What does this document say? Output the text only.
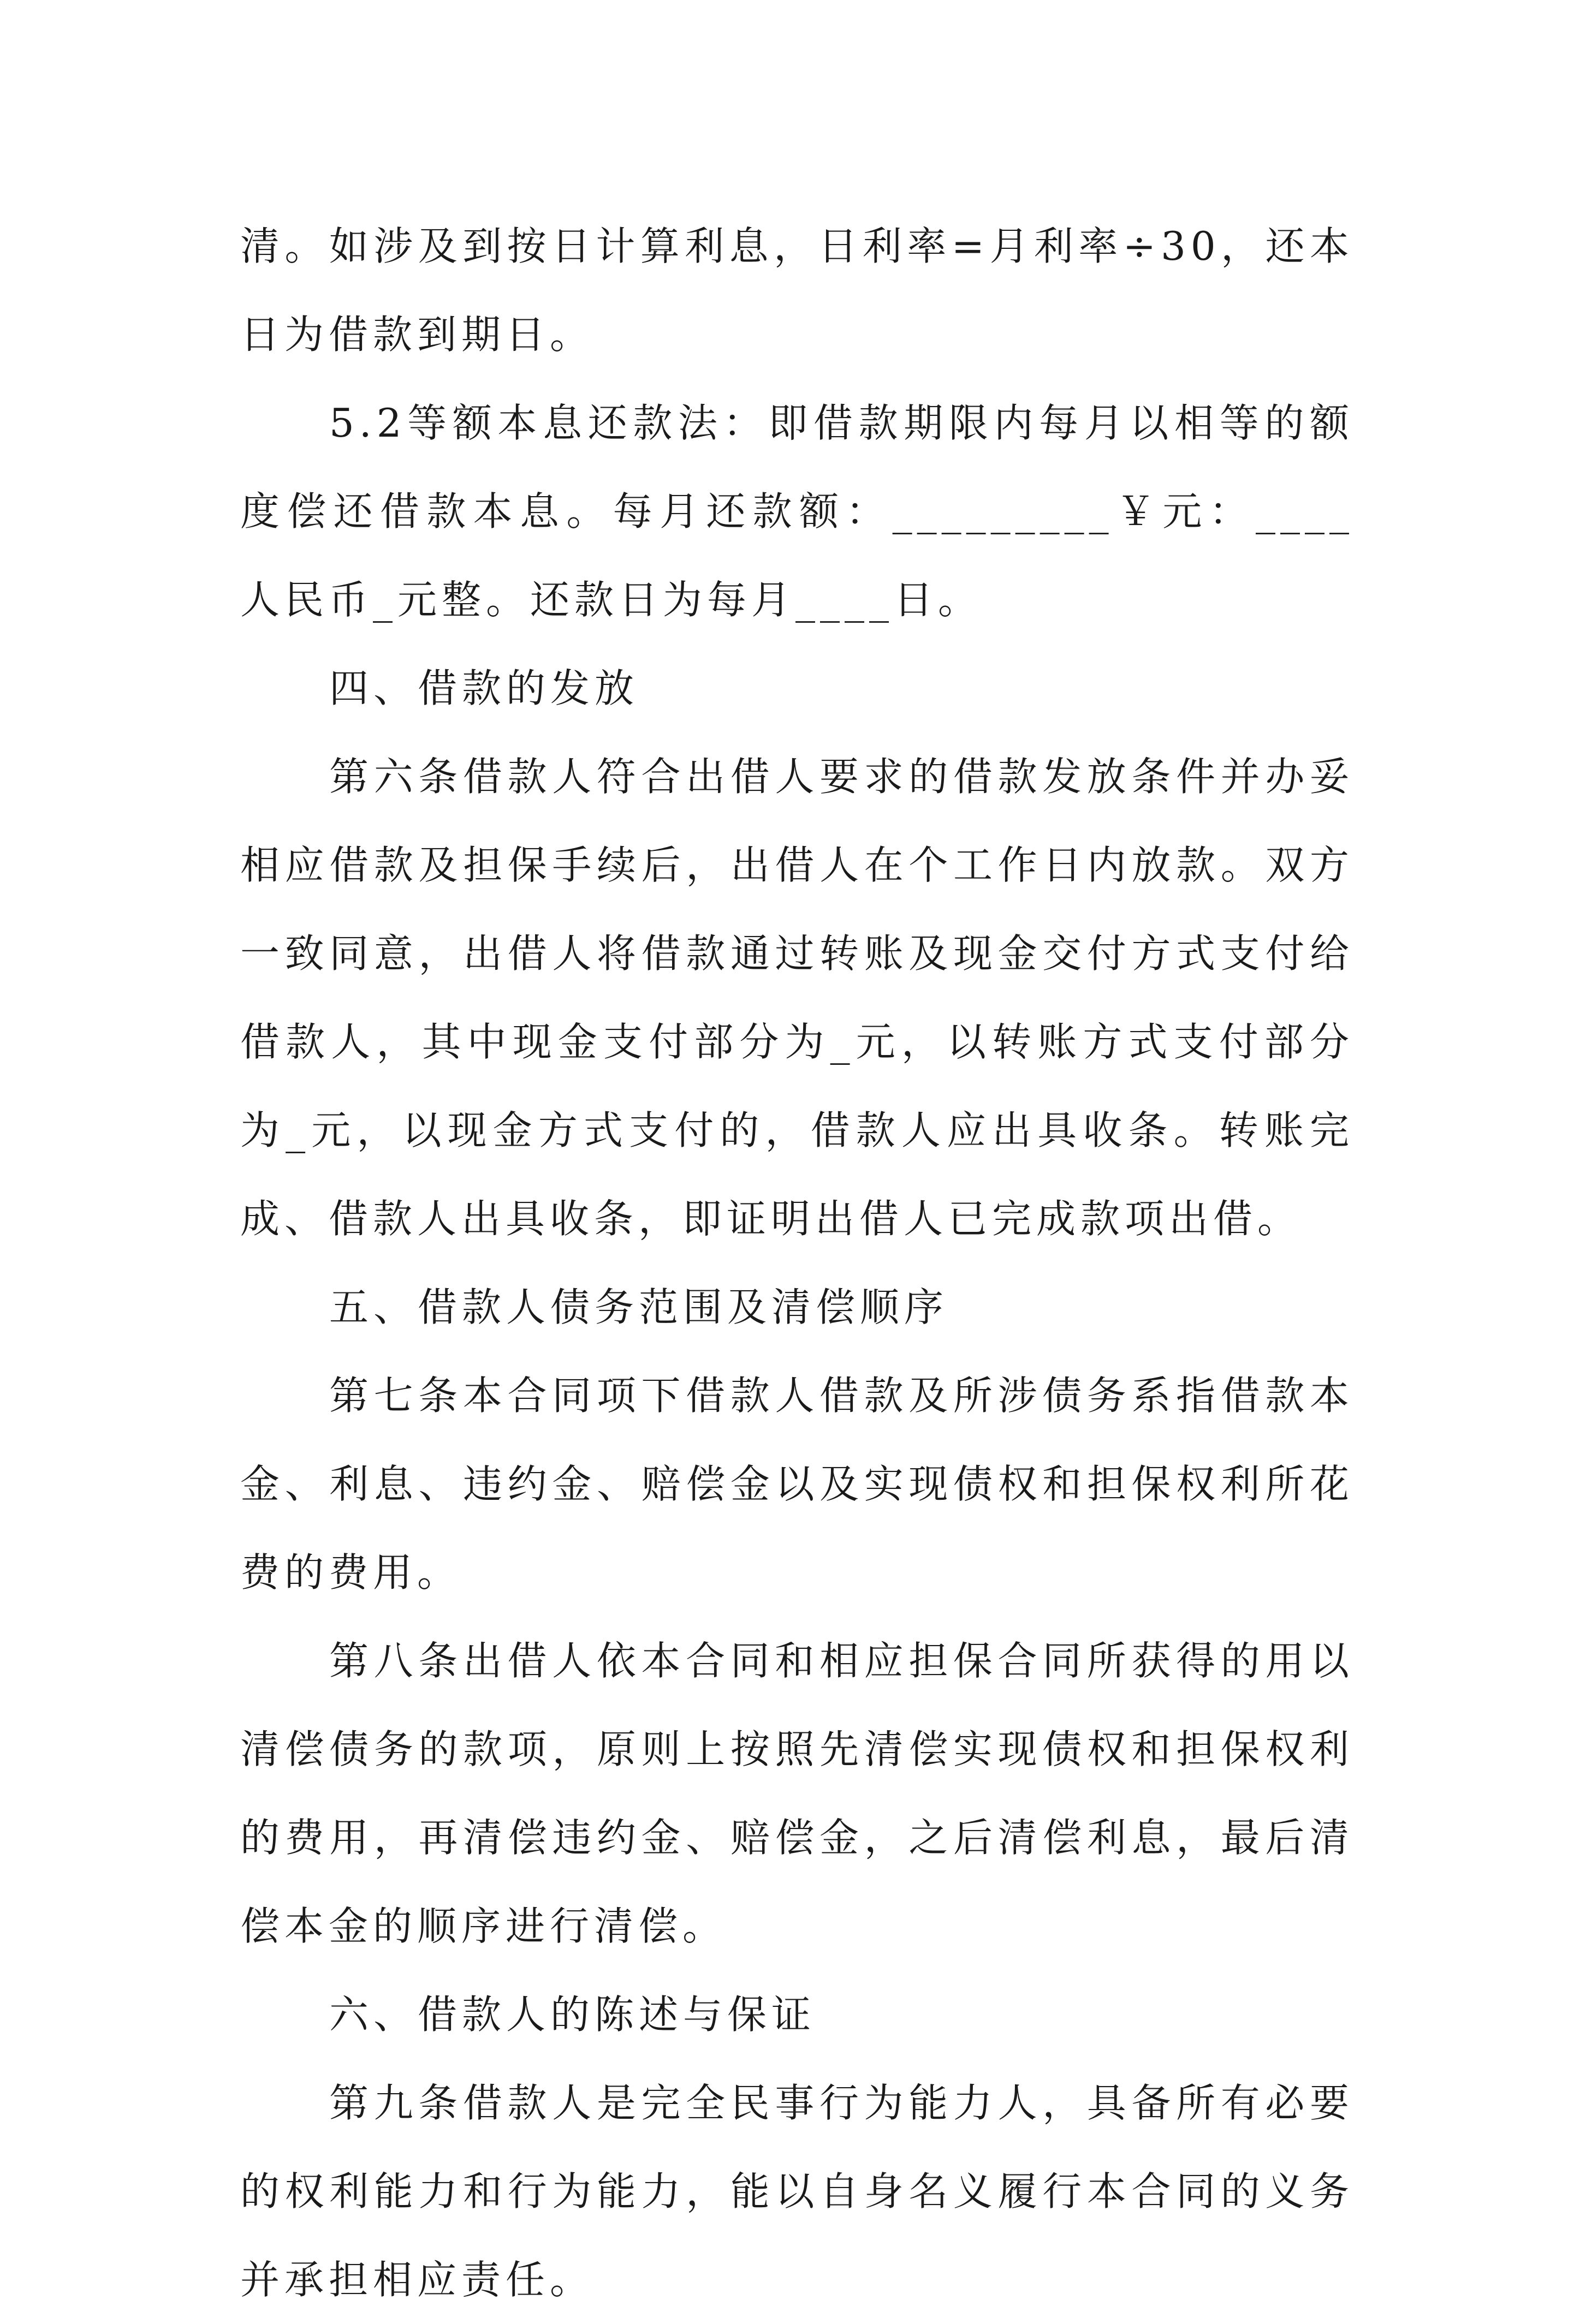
清。如涉及到按日计算利息，日利率=月利率÷30，还本日为借款到期日。

5.2等额本息还款法：即借款期限内每月以相等的额度偿还借款本息。每月还款额：_________￥元：____人民币_元整。还款日为每月____日。

四、借款的发放

第六条借款人符合出借人要求的借款发放条件并办妥相应借款及担保手续后，出借人在个工作日内放款。双方一致同意，出借人将借款通过转账及现金交付方式支付给借款人，其中现金支付部分为_元，以转账方式支付部分为_元，以现金方式支付的，借款人应出具收条。转账完成、借款人出具收条，即证明出借人已完成款项出借。

五、借款人债务范围及清偿顺序

第七条本合同项下借款人借款及所涉债务系指借款本金、利息、违约金、赔偿金以及实现债权和担保权利所花费的费用。

第八条出借人依本合同和相应担保合同所获得的用以清偿债务的款项，原则上按照先清偿实现债权和担保权利的费用，再清偿违约金、赔偿金，之后清偿利息，最后清偿本金的顺序进行清偿。

六、借款人的陈述与保证

第九条借款人是完全民事行为能力人，具备所有必要的权利能力和行为能力，能以自身名义履行本合同的义务并承担相应责任。
